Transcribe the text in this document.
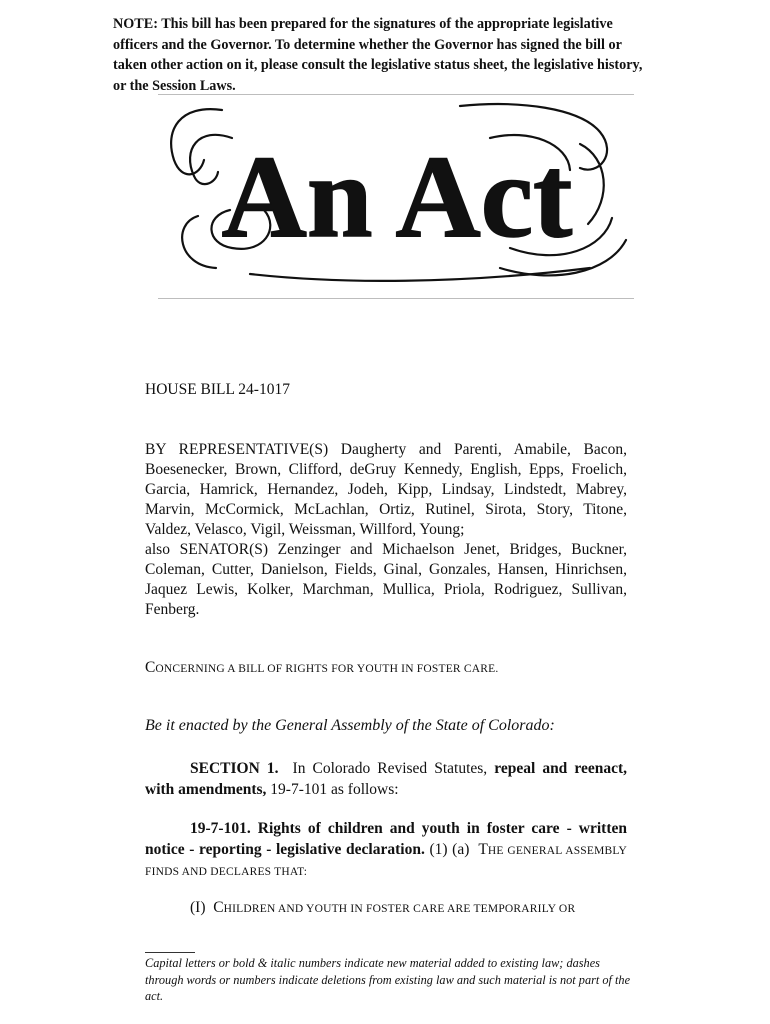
NOTE: This bill has been prepared for the signatures of the appropriate legislative officers and the Governor. To determine whether the Governor has signed the bill or taken other action on it, please consult the legislative status sheet, the legislative history, or the Session Laws.

An Act

HOUSE BILL 24-1017

BY REPRESENTATIVE(S) Daugherty and Parenti, Amabile, Bacon, Boesenecker, Brown, Clifford, deGruy Kennedy, English, Epps, Froelich, Garcia, Hamrick, Hernandez, Jodeh, Kipp, Lindsay, Lindstedt, Mabrey, Marvin, McCormick, McLachlan, Ortiz, Rutinel, Sirota, Story, Titone, Valdez, Velasco, Vigil, Weissman, Willford, Young;
also SENATOR(S) Zenzinger and Michaelson Jenet, Bridges, Buckner, Coleman, Cutter, Danielson, Fields, Ginal, Gonzales, Hansen, Hinrichsen, Jaquez Lewis, Kolker, Marchman, Mullica, Priola, Rodriguez, Sullivan, Fenberg.

CONCERNING A BILL OF RIGHTS FOR YOUTH IN FOSTER CARE.

Be it enacted by the General Assembly of the State of Colorado:

SECTION 1. In Colorado Revised Statutes, repeal and reenact, with amendments, 19-7-101 as follows:

19-7-101. Rights of children and youth in foster care - written notice - reporting - legislative declaration. (1) (a) THE GENERAL ASSEMBLY FINDS AND DECLARES THAT:

(I) CHILDREN AND YOUTH IN FOSTER CARE ARE TEMPORARILY OR

Capital letters or bold & italic numbers indicate new material added to existing law; dashes through words or numbers indicate deletions from existing law and such material is not part of the act.
